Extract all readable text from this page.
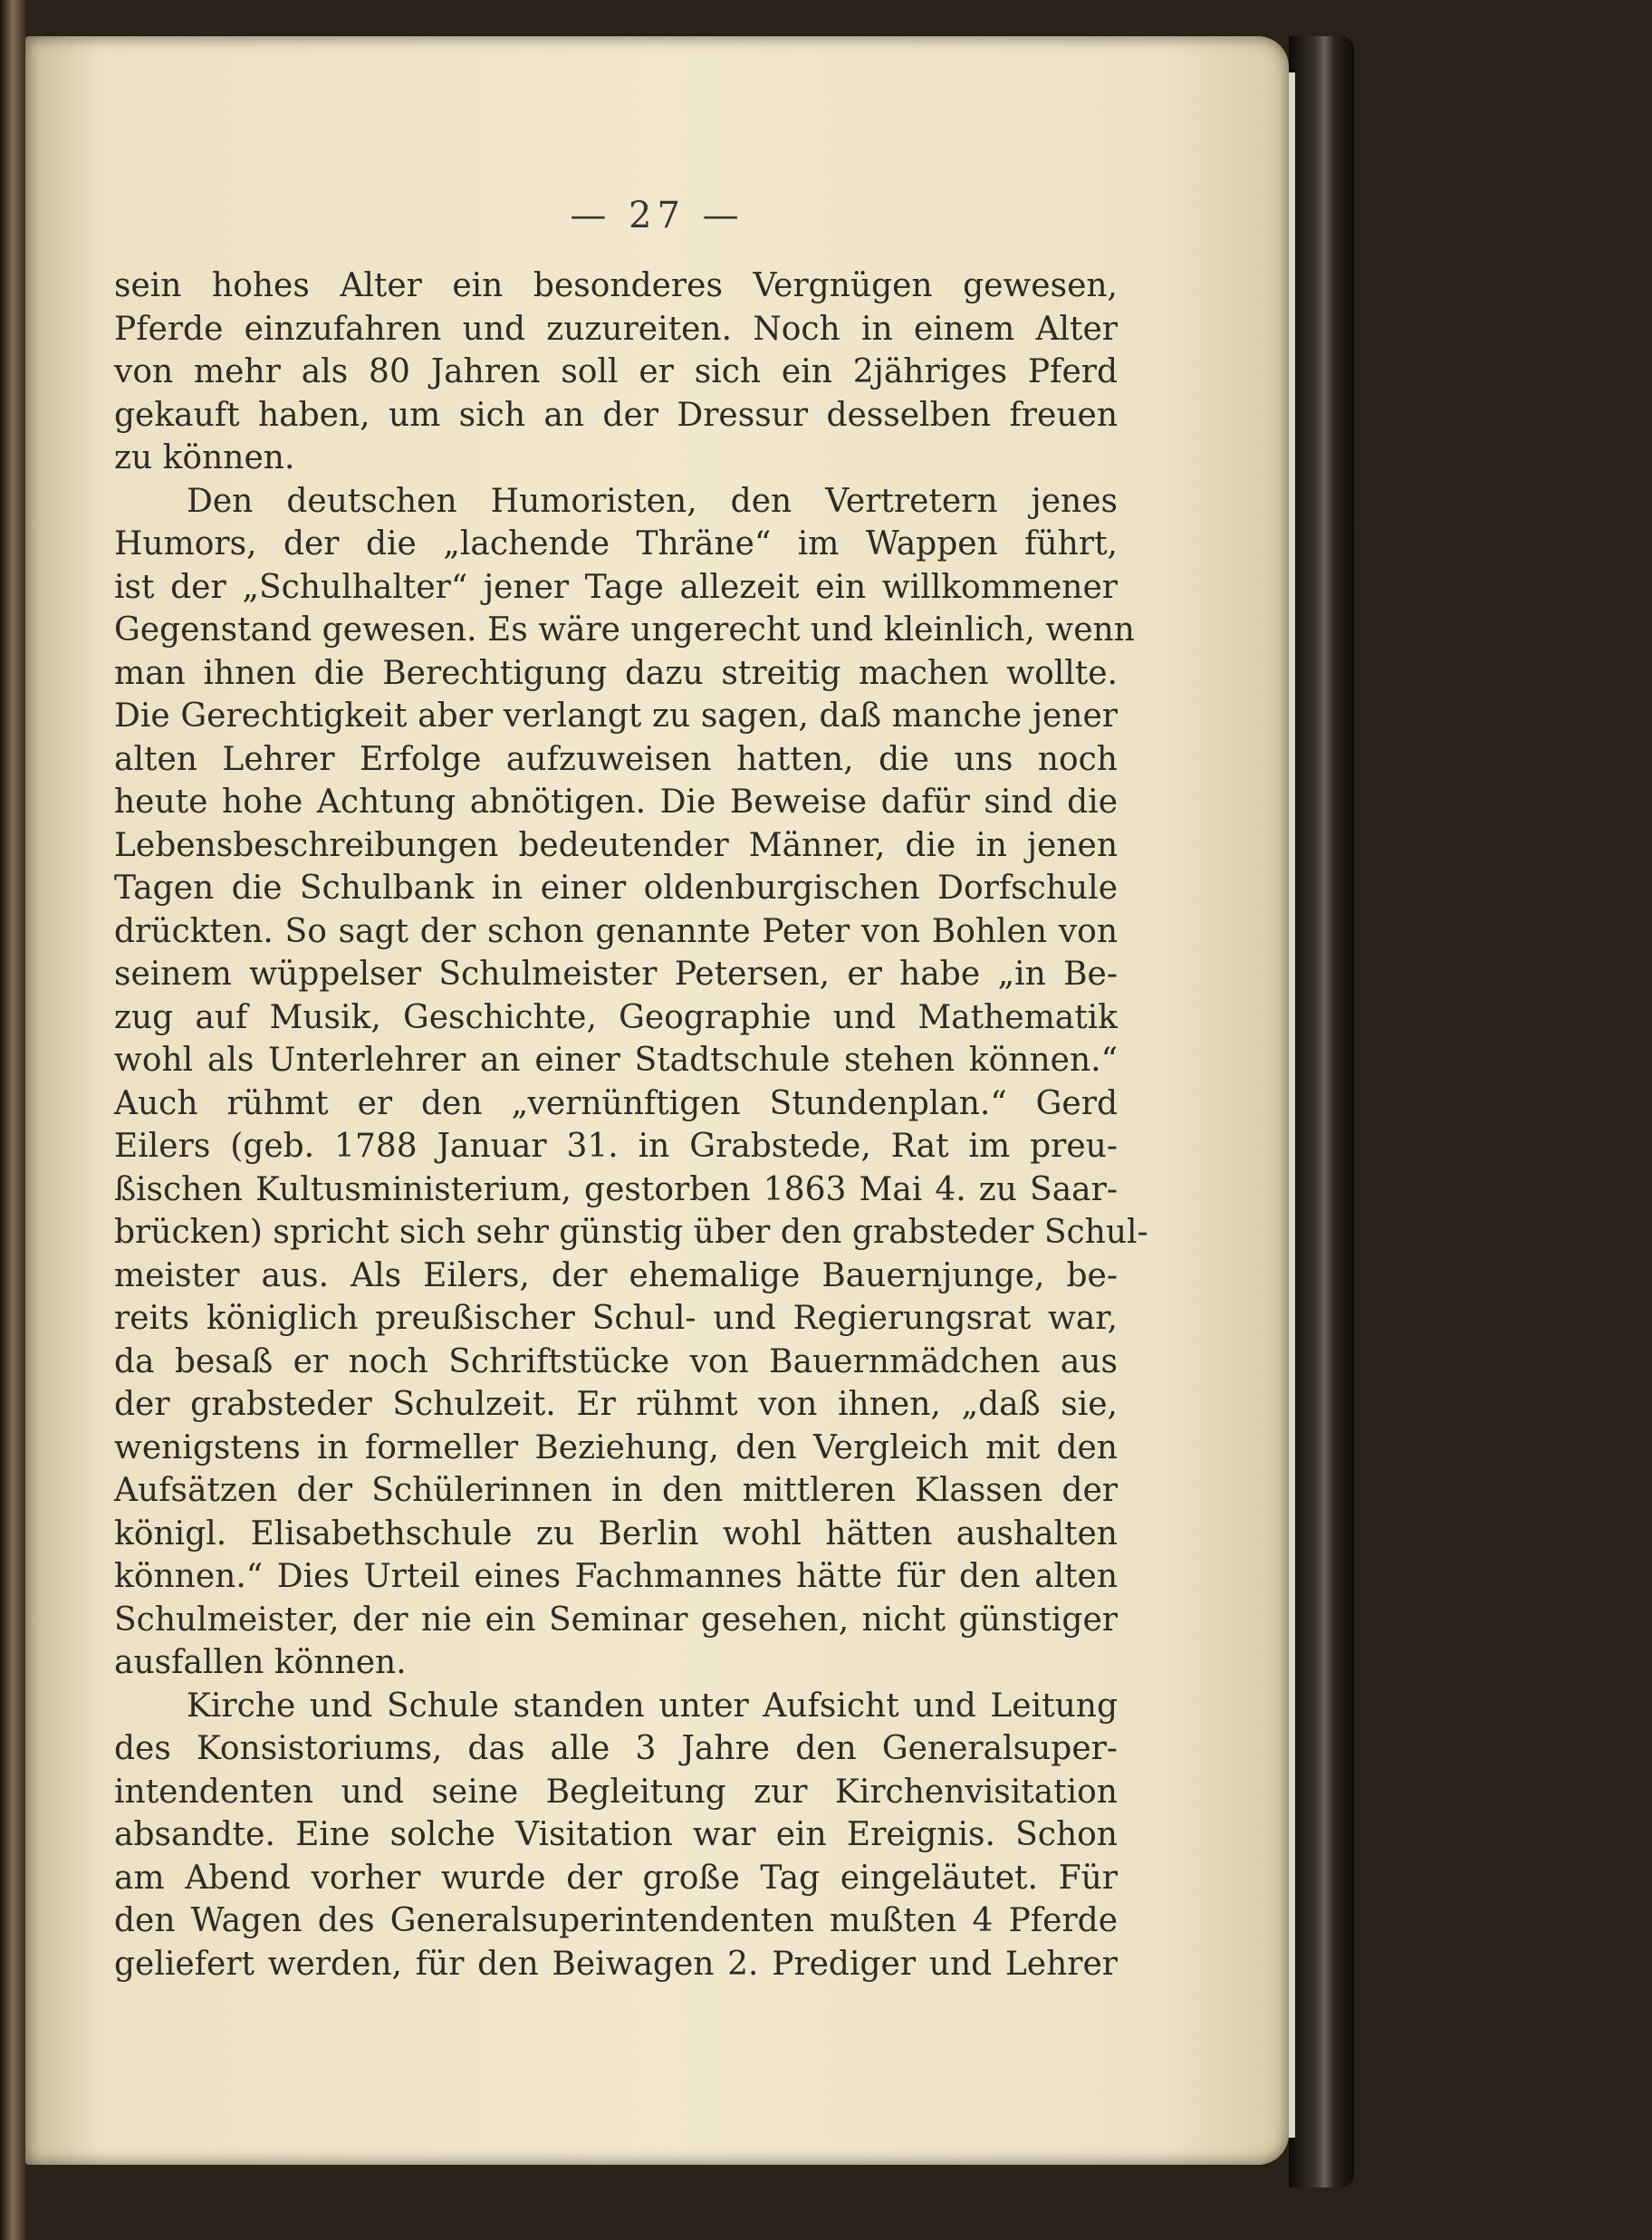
— 27 —
sein hohes Alter ein besonderes Vergnügen gewesen,
Pferde einzufahren und zuzureiten. Noch in einem Alter
von mehr als 80 Jahren soll er sich ein 2jähriges Pferd
gekauft haben, um sich an der Dressur desselben freuen
zu können.
Den deutschen Humoristen, den Vertretern jenes
Humors, der die „lachende Thräne“ im Wappen führt,
ist der „Schulhalter“ jener Tage allezeit ein willkommener
Gegenstand gewesen. Es wäre ungerecht und kleinlich, wenn
man ihnen die Berechtigung dazu streitig machen wollte.
Die Gerechtigkeit aber verlangt zu sagen, daß manche jener
alten Lehrer Erfolge aufzuweisen hatten, die uns noch
heute hohe Achtung abnötigen. Die Beweise dafür sind die
Lebensbeschreibungen bedeutender Männer, die in jenen
Tagen die Schulbank in einer oldenburgischen Dorfschule
drückten. So sagt der schon genannte Peter von Bohlen von
seinem wüppelser Schulmeister Petersen, er habe „in Be-
zug auf Musik, Geschichte, Geographie und Mathematik
wohl als Unterlehrer an einer Stadtschule stehen können.“
Auch rühmt er den „vernünftigen Stundenplan.“ Gerd
Eilers (geb. 1788 Januar 31. in Grabstede, Rat im preu-
ßischen Kultusministerium, gestorben 1863 Mai 4. zu Saar-
brücken) spricht sich sehr günstig über den grabsteder Schul-
meister aus. Als Eilers, der ehemalige Bauernjunge, be-
reits königlich preußischer Schul- und Regierungsrat war,
da besaß er noch Schriftstücke von Bauernmädchen aus
der grabsteder Schulzeit. Er rühmt von ihnen, „daß sie,
wenigstens in formeller Beziehung, den Vergleich mit den
Aufsätzen der Schülerinnen in den mittleren Klassen der
königl. Elisabethschule zu Berlin wohl hätten aushalten
können.“ Dies Urteil eines Fachmannes hätte für den alten
Schulmeister, der nie ein Seminar gesehen, nicht günstiger
ausfallen können.
Kirche und Schule standen unter Aufsicht und Leitung
des Konsistoriums, das alle 3 Jahre den Generalsuper-
intendenten und seine Begleitung zur Kirchenvisitation
absandte. Eine solche Visitation war ein Ereignis. Schon
am Abend vorher wurde der große Tag eingeläutet. Für
den Wagen des Generalsuperintendenten mußten 4 Pferde
geliefert werden, für den Beiwagen 2. Prediger und Lehrer
